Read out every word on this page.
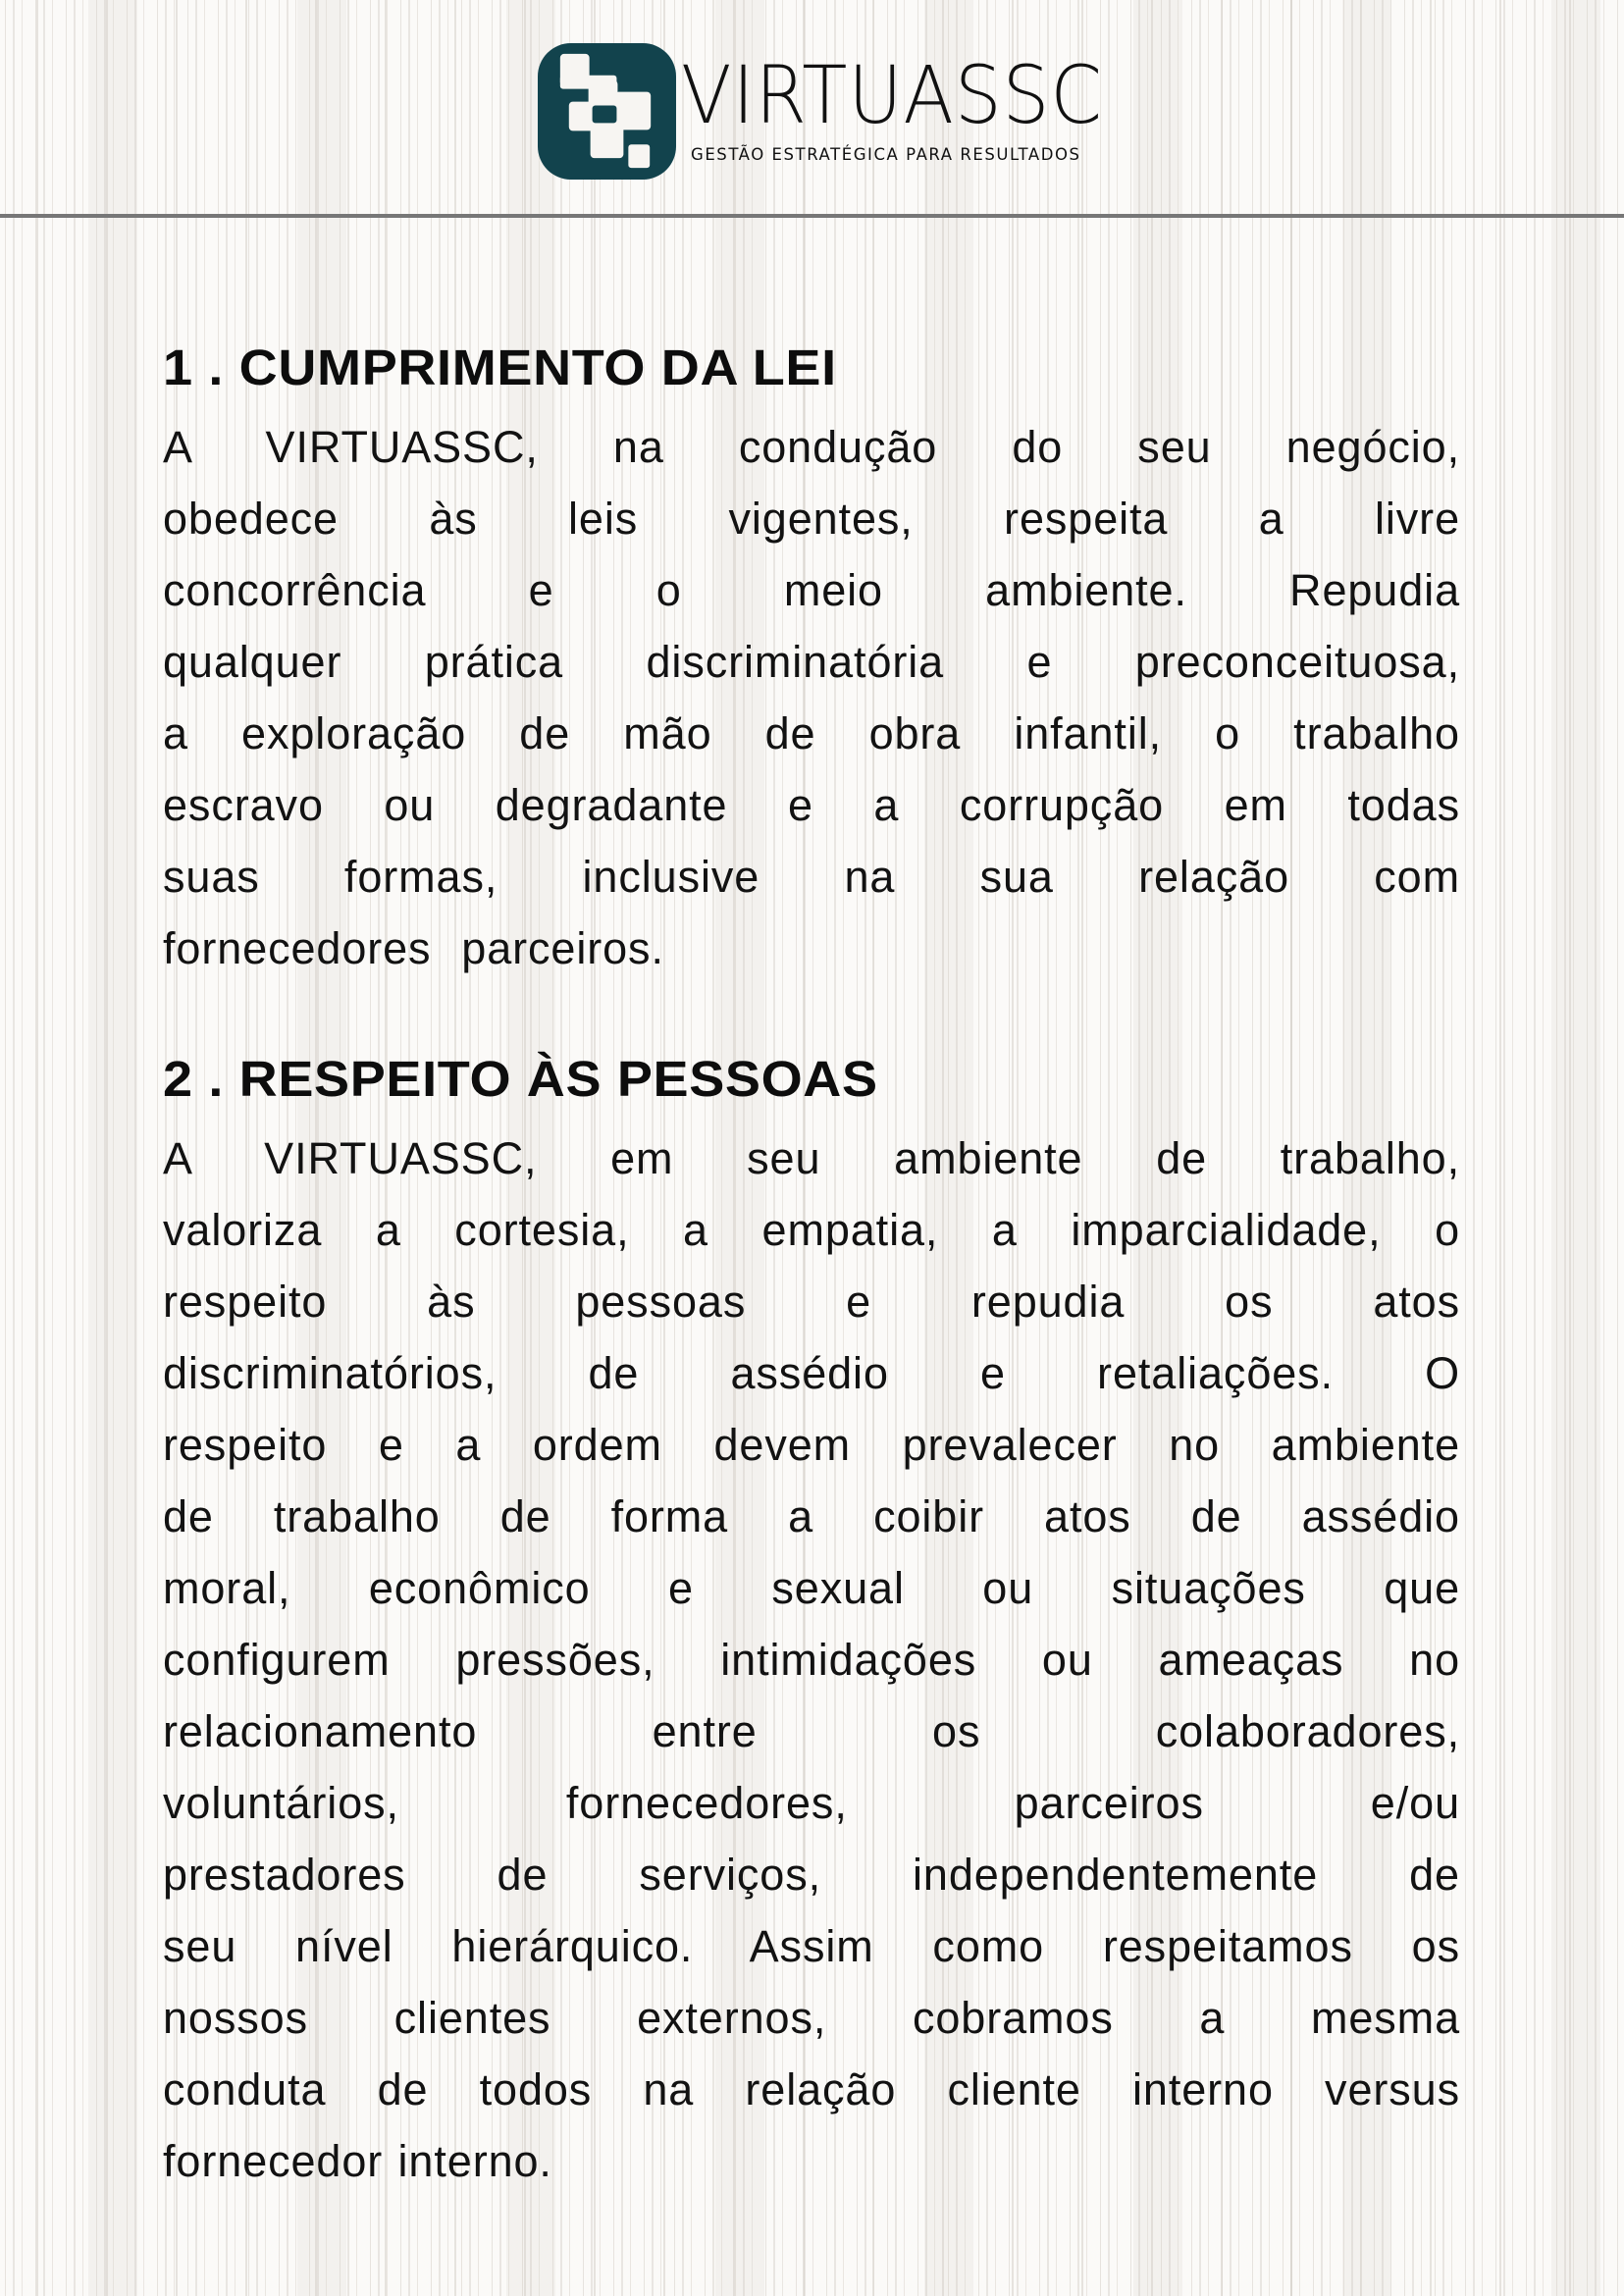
VIRTUASSC
GESTÃO ESTRATÉGICA PARA RESULTADOS
1 . CUMPRIMENTO DA LEI
A VIRTUASSC, na condução do seu negócio,
obedece às leis vigentes, respeita a livre
concorrência e o meio ambiente. Repudia
qualquer prática discriminatória e preconceituosa,
a exploração de mão de obra infantil, o trabalho
escravo ou degradante e a corrupção em todas
suas formas, inclusive na sua relação com
fornecedores  parceiros.
2 . RESPEITO ÀS PESSOAS
A VIRTUASSC, em seu ambiente de trabalho,
valoriza a cortesia, a empatia, a imparcialidade, o
respeito às pessoas e repudia os atos
discriminatórios, de assédio e retaliações. O
respeito e a ordem devem prevalecer no ambiente
de trabalho de forma a coibir atos de assédio
moral, econômico e sexual ou situações que
configurem pressões, intimidações ou ameaças no
relacionamento entre os colaboradores,
voluntários, fornecedores, parceiros e/ou
prestadores de serviços, independentemente de
seu nível hierárquico. Assim como respeitamos os
nossos clientes externos, cobramos a mesma
conduta de todos na relação cliente interno versus
fornecedor interno.
